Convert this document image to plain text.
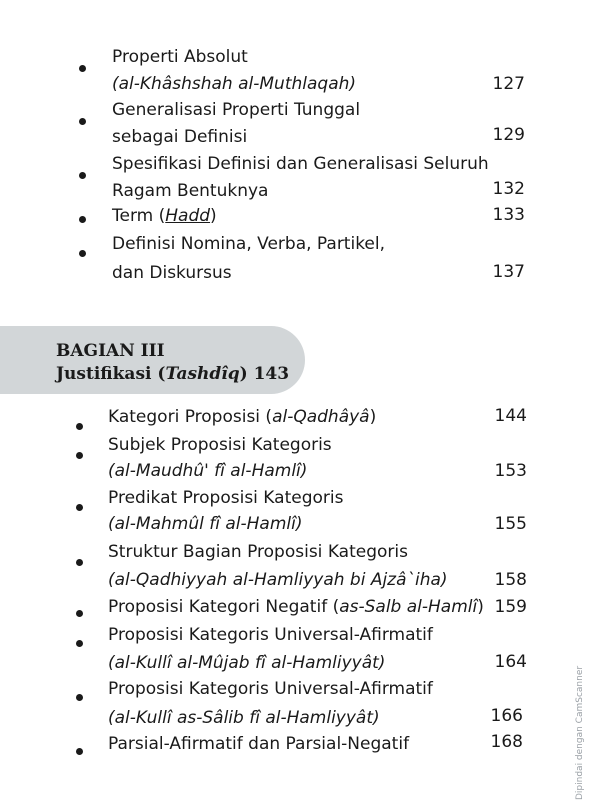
Properti Absolut
(al-Khâshshah al-Muthlaqah)	127
Generalisasi Properti Tunggal
sebagai Definisi	129
Spesifikasi Definisi dan Generalisasi Seluruh
Ragam Bentuknya	132
Term (Hadd)	133
Definisi Nomina, Verba, Partikel,
dan Diskursus	137
BAGIAN III
Justifikasi (Tashdîq) 143
Kategori Proposisi (al-Qadhâyâ)	144
Subjek Proposisi Kategoris
(al-Maudhû' fî al-Hamlî)	153
Predikat Proposisi Kategoris
(al-Mahmûl fî al-Hamlî)	155
Struktur Bagian Proposisi Kategoris
(al-Qadhiyyah al-Hamliyyah bi Ajzâ`iha)	158
Proposisi Kategori Negatif (as-Salb al-Hamlî) 159
Proposisi Kategoris Universal-Afirmatif
(al-Kullî al-Mûjab fî al-Hamliyyât)	164
Proposisi Kategoris Universal-Afirmatif
(al-Kullî as-Sâlib fî al-Hamliyyât)	166
Parsial-Afirmatif dan Parsial-Negatif	168	Dipindai dengan CamScanner
